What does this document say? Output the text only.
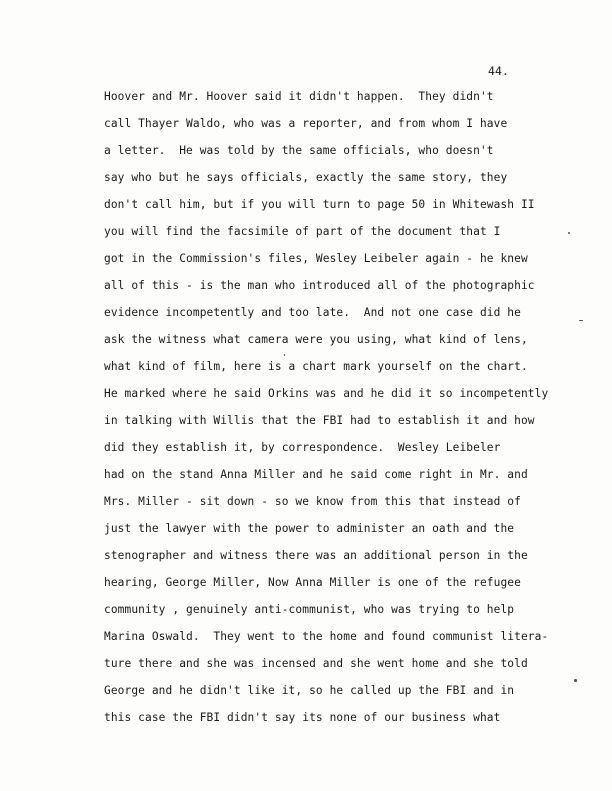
44.
Hoover and Mr. Hoover said it didn't happen.  They didn't
call Thayer Waldo, who was a reporter, and from whom I have
a letter.  He was told by the same officials, who doesn't
say who but he says officials, exactly the same story, they
don't call him, but if you will turn to page 50 in Whitewash II
you will find the facsimile of part of the document that I
got in the Commission's files, Wesley Leibeler again - he knew
all of this - is the man who introduced all of the photographic
evidence incompetently and too late.  And not one case did he
ask the witness what camera were you using, what kind of lens,
what kind of film, here is a chart mark yourself on the chart.
He marked where he said Orkins was and he did it so incompetently
in talking with Willis that the FBI had to establish it and how
did they establish it, by correspondence.  Wesley Leibeler
had on the stand Anna Miller and he said come right in Mr. and
Mrs. Miller - sit down - so we know from this that instead of
just the lawyer with the power to administer an oath and the
stenographer and witness there was an additional person in the
hearing, George Miller, Now Anna Miller is one of the refugee
community , genuinely anti-communist, who was trying to help
Marina Oswald.  They went to the home and found communist litera-
ture there and she was incensed and she went home and she told
George and he didn't like it, so he called up the FBI and in
this case the FBI didn't say its none of our business what
